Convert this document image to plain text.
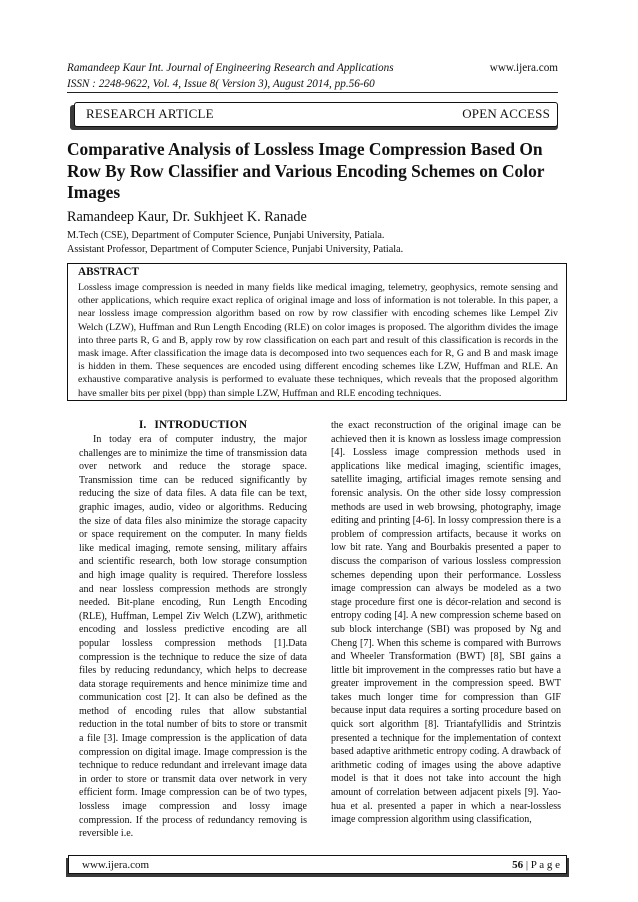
Ramandeep Kaur Int. Journal of Engineering Research and Applications
ISSN : 2248-9622, Vol. 4, Issue 8( Version 3), August 2014, pp.56-60
www.ijera.com
RESEARCH ARTICLE	OPEN ACCESS
Comparative Analysis of Lossless Image Compression Based On Row By Row Classifier and Various Encoding Schemes on Color Images
Ramandeep Kaur, Dr. Sukhjeet K. Ranade
M.Tech (CSE), Department of Computer Science, Punjabi University, Patiala.
Assistant Professor, Department of Computer Science, Punjabi University, Patiala.
ABSTRACT
Lossless image compression is needed in many fields like medical imaging, telemetry, geophysics, remote sensing and other applications, which require exact replica of original image and loss of information is not tolerable. In this paper, a near lossless image compression algorithm based on row by row classifier with encoding schemes like Lempel Ziv Welch (LZW), Huffman and Run Length Encoding (RLE) on color images is proposed. The algorithm divides the image into three parts R, G and B, apply row by row classification on each part and result of this classification is records in the mask image. After classification the image data is decomposed into two sequences each for R, G and B and mask image is hidden in them. These sequences are encoded using different encoding schemes like LZW, Huffman and RLE. An exhaustive comparative analysis is performed to evaluate these techniques, which reveals that the proposed algorithm have smaller bits per pixel (bpp) than simple LZW, Huffman and RLE encoding techniques.
I. INTRODUCTION

In today era of computer industry, the major challenges are to minimize the time of transmission data over network and reduce the storage space. Transmission time can be reduced significantly by reducing the size of data files. A data file can be text, graphic images, audio, video or algorithms. Reducing the size of data files also minimize the storage capacity or space requirement on the computer. In many fields like medical imaging, remote sensing, military affairs and scientific research, both low storage consumption and high image quality is required. Therefore lossless and near lossless compression methods are strongly needed. Bit-plane encoding, Run Length Encoding (RLE), Huffman, Lempel Ziv Welch (LZW), arithmetic encoding and lossless predictive encoding are all popular lossless compression methods [1].Data compression is the technique to reduce the size of data files by reducing redundancy, which helps to decrease data storage requirements and hence minimize time and communication cost [2]. It can also be defined as the method of encoding rules that allow substantial reduction in the total number of bits to store or transmit a file [3]. Image compression is the application of data compression on digital image. Image compression is the technique to reduce redundant and irrelevant image data in order to store or transmit data over network in very efficient form. Image compression can be of two types, lossless image compression and lossy image compression. If the process of redundancy removing is reversible i.e.

the exact reconstruction of the original image can be achieved then it is known as lossless image compression [4]. Lossless image compression methods used in applications like medical imaging, scientific images, satellite imaging, artificial images remote sensing and forensic analysis. On the other side lossy compression methods are used in web browsing, photography, image editing and printing [4-6]. In lossy compression there is a problem of compression artifacts, because it works on low bit rate. Yang and Bourbakis presented a paper to discuss the comparison of various lossless compression schemes depending upon their performance. Lossless image compression can always be modeled as a two stage procedure first one is décor-relation and second is entropy coding [4]. A new compression scheme based on sub block interchange (SBI) was proposed by Ng and Cheng [7]. When this scheme is compared with Burrows and Wheeler Transformation (BWT) [8], SBI gains a little bit improvement in the compresses ratio but have a greater improvement in the compression speed. BWT takes much longer time for compression than GIF because input data requires a sorting procedure based on quick sort algorithm [8]. Triantafyllidis and Strintzis presented a technique for the implementation of context based adaptive arithmetic entropy coding. A drawback of arithmetic coding of images using the above adaptive model is that it does not take into account the high amount of correlation between adjacent pixels [9]. Yao-hua et al. presented a paper in which a near-lossless image compression algorithm using classification,

www.ijera.com	56 | P a g e
